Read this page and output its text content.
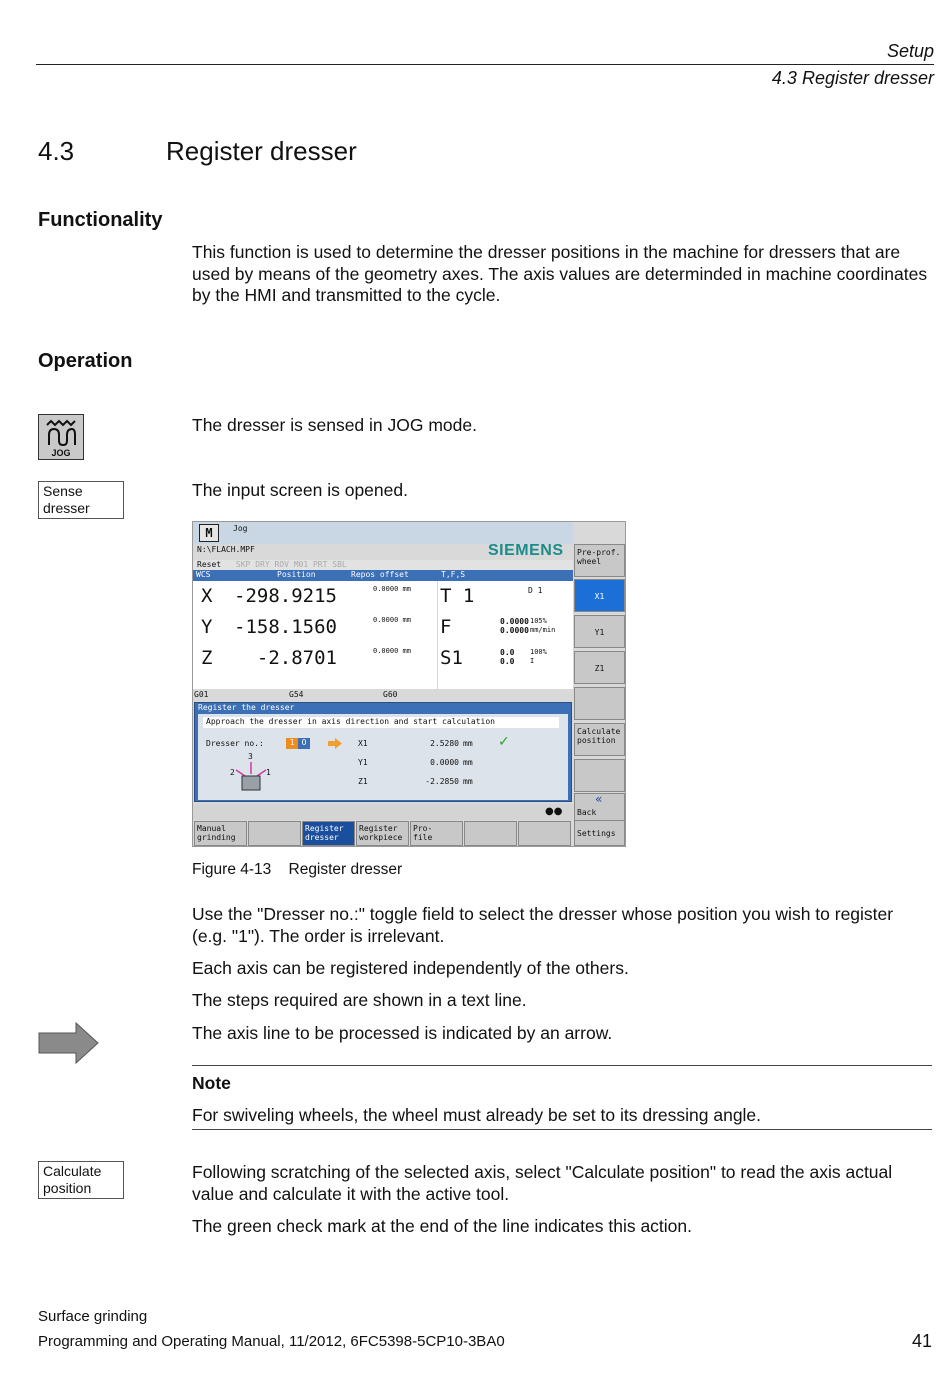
Setup
4.3 Register dresser
4.3	Register dresser
Functionality
This function is used to determine the dresser positions in the machine for dressers that are used by means of the geometry axes. The axis values are determinded in machine coordinates by the HMI and transmitted to the cycle.
Operation
JOG
The dresser is sensed in JOG mode.
Sense
dresser
The input screen is opened.
M	Jog
N:\FLACH.MPF	SIEMENS
Reset SKP DRY ROV M01 PRT SBL
WCS	Position	Repos offset	T,F,S
X -298.9215	0.0000 mm
Y -158.1560	0.0000 mm
Z	-2.8701	0.0000 mm
T 1	D 1
F	0.0000
0.0000
105%
mm/min
S1	0.0
0.0
100%
I
G01	G54	G60
Register the dresser
Approach the dresser in axis direction and start calculation
Dresser no.:	1 O	X1	2.5280 mm
Y1	0.0000 mm
Z1	-2.2850 mm
✓
3
2	1
●●
Manual
grinding
Register
dresser
Register
workpiece
Pro-
file
Pre-prof.
wheel
X1
Y1
Z1
Calculate
position
«
Back
Settings
Figure 4-13 Register dresser
Use the "Dresser no.:" toggle field to select the dresser whose position you wish to register (e.g. "1"). The order is irrelevant.
Each axis can be registered independently of the others.
The steps required are shown in a text line.
The axis line to be processed is indicated by an arrow.
Note
For swiveling wheels, the wheel must already be set to its dressing angle.
Calculate
position
Following scratching of the selected axis, select "Calculate position" to read the axis actual value and calculate it with the active tool.
The green check mark at the end of the line indicates this action.
Surface grinding
Programming and Operating Manual, 11/2012, 6FC5398-5CP10-3BA0	41
